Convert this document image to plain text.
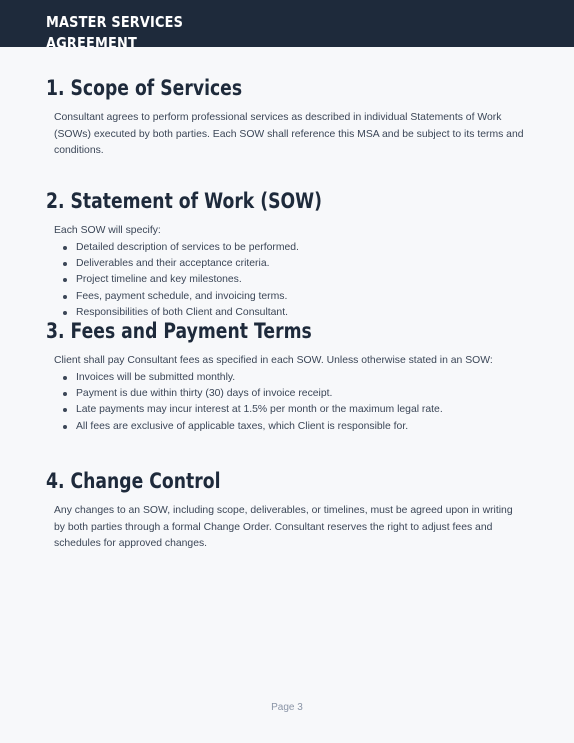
1. Scope of Services

Consultant agrees to perform professional services as described in individual Statements of Work (SOWs) executed by both parties. Each SOW shall reference this MSA and be subject to its terms and conditions.

2. Statement of Work (SOW)

Each SOW will specify:

Detailed description of services to be performed.
Deliverables and their acceptance criteria.
Project timeline and key milestones.
Fees, payment schedule, and invoicing terms.
Responsibilities of both Client and Consultant.
3. Fees and Payment Terms

Client shall pay Consultant fees as specified in each SOW. Unless otherwise stated in an SOW:

Invoices will be submitted monthly.
Payment is due within thirty (30) days of invoice receipt.
Late payments may incur interest at 1.5% per month or the maximum legal rate.
All fees are exclusive of applicable taxes, which Client is responsible for.
4. Change Control

Any changes to an SOW, including scope, deliverables, or timelines, must be agreed upon in writing by both parties through a formal Change Order. Consultant reserves the right to adjust fees and schedules for approved changes.

Page 3
MASTER SERVICES AGREEMENT
